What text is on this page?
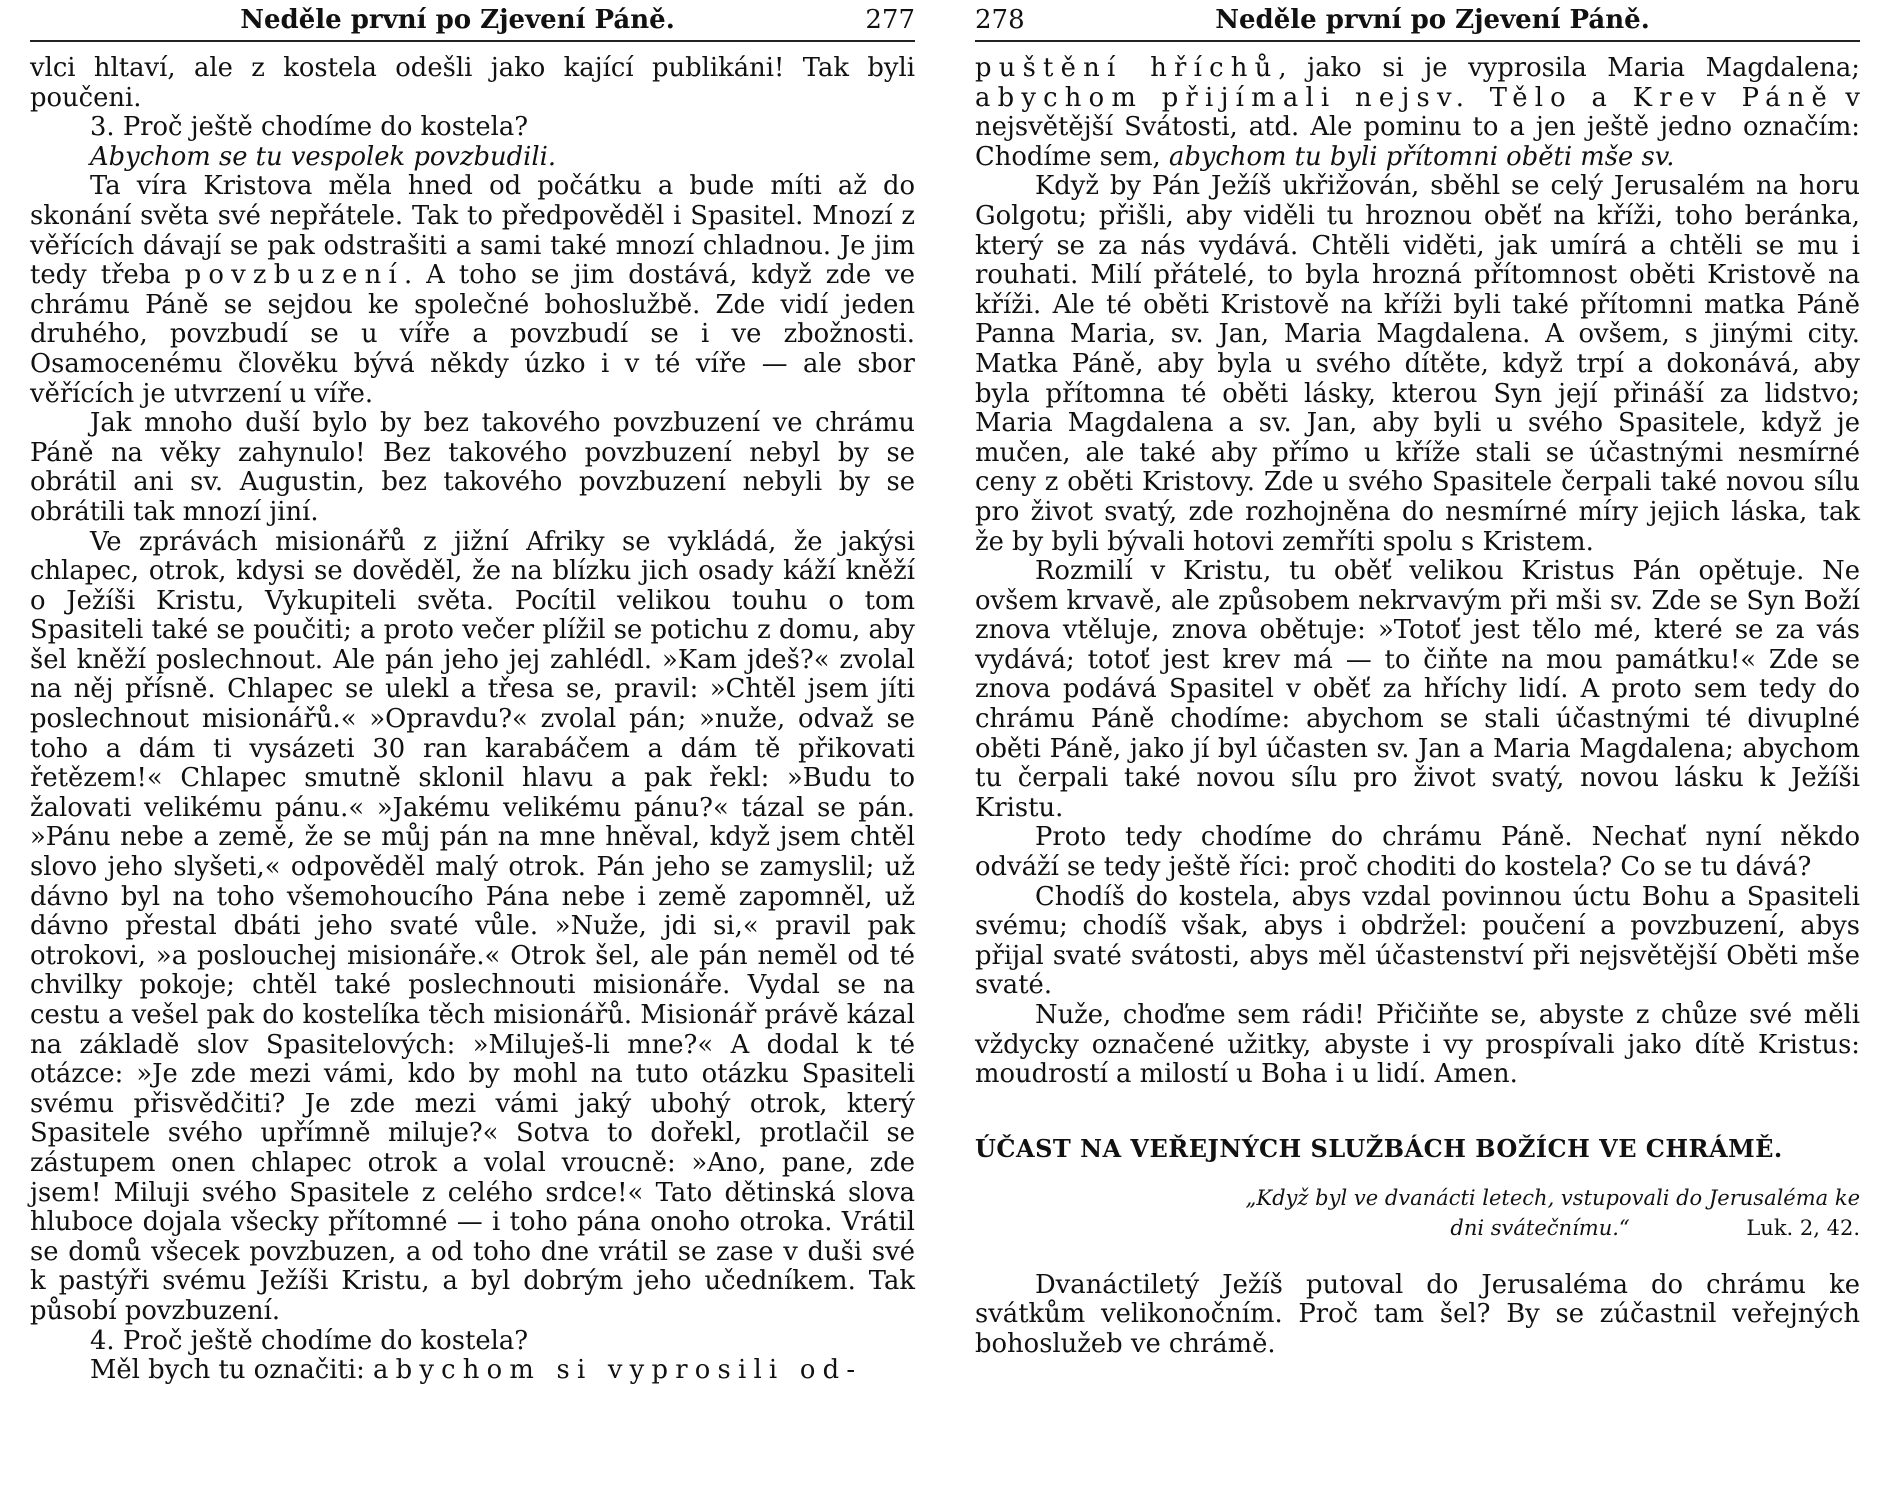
Neděle první po Zjevení Páně.	277

vlci hltaví, ale z kostela odešli jako kající publikáni! Tak byli poučeni.

3. Proč ještě chodíme do kostela?

Abychom se tu vespolek povzbudili.

Ta víra Kristova měla hned od počátku a bude míti až do skonání světa své nepřátele. Tak to předpověděl i Spasitel. Mnozí z věřících dávají se pak odstrašiti a sami také mnozí chladnou. Je jim tedy třeba povzbuzení. A toho se jim dostává, když zde ve chrámu Páně se sejdou ke společné bohoslužbě. Zde vidí jeden druhého, povzbudí se u víře a povzbudí se i ve zbožnosti. Osamocenému člověku bývá někdy úzko i v té víře — ale sbor věřících je utvrzení u víře.

Jak mnoho duší bylo by bez takového povzbuzení ve chrámu Páně na věky zahynulo! Bez takového povzbuzení nebyl by se obrátil ani sv. Augustin, bez takového povzbuzení nebyli by se obrátili tak mnozí jiní.

Ve zprávách misionářů z jižní Afriky se vykládá, že jakýsi chlapec, otrok, kdysi se dověděl, že na blízku jich osady káží kněží o Ježíši Kristu, Vykupiteli světa. Pocítil velikou touhu o tom Spasiteli také se poučiti; a proto večer plížil se potichu z domu, aby šel kněží poslechnout. Ale pán jeho jej zahlédl. »Kam jdeš?« zvolal na něj přísně. Chlapec se ulekl a třesa se, pravil: »Chtěl jsem jíti poslechnout misionářů.« »Opravdu?« zvolal pán; »nuže, odvaž se toho a dám ti vysázeti 30 ran karabáčem a dám tě přikovati řetězem!« Chlapec smutně sklonil hlavu a pak řekl: »Budu to žalovati velikému pánu.« »Jakému velikému pánu?« tázal se pán. »Pánu nebe a země, že se můj pán na mne hněval, když jsem chtěl slovo jeho slyšeti,« odpověděl malý otrok. Pán jeho se zamyslil; už dávno byl na toho všemohoucího Pána nebe i země zapomněl, už dávno přestal dbáti jeho svaté vůle. »Nuže, jdi si,« pravil pak otrokovi, »a poslouchej misionáře.« Otrok šel, ale pán neměl od té chvilky pokoje; chtěl také poslechnouti misionáře. Vydal se na cestu a vešel pak do kostelíka těch misionářů. Misionář právě kázal na základě slov Spasitelových: »Miluješ-li mne?« A dodal k té otázce: »Je zde mezi vámi, kdo by mohl na tuto otázku Spasiteli svému přisvědčiti? Je zde mezi vámi jaký ubohý otrok, který Spasitele svého upřímně miluje?« Sotva to dořekl, protlačil se zástupem onen chlapec otrok a volal vroucně: »Ano, pane, zde jsem! Miluji svého Spasitele z celého srdce!« Tato dětinská slova hluboce dojala všecky přítomné — i toho pána onoho otroka. Vrátil se domů všecek povzbuzen, a od toho dne vrátil se zase v duši své k pastýři svému Ježíši Kristu, a byl dobrým jeho učedníkem. Tak působí povzbuzení.

4. Proč ještě chodíme do kostela?

Měl bych tu označiti: abychom si vyprosili od-

278	Neděle první po Zjevení Páně.

puštění hříchů, jako si je vyprosila Maria Magdalena; abychom přijímali nejsv. Tělo a Krev Páně v nejsvětější Svátosti, atd. Ale pominu to a jen ještě jedno označím: Chodíme sem, abychom tu byli přítomni oběti mše sv.

Když by Pán Ježíš ukřižován, sběhl se celý Jerusalém na horu Golgotu; přišli, aby viděli tu hroznou oběť na kříži, toho beránka, který se za nás vydává. Chtěli viděti, jak umírá a chtěli se mu i rouhati. Milí přátelé, to byla hrozná přítomnost oběti Kristově na kříži. Ale té oběti Kristově na kříži byli také přítomni matka Páně Panna Maria, sv. Jan, Maria Magdalena. A ovšem, s jinými city. Matka Páně, aby byla u svého dítěte, když trpí a dokonává, aby byla přítomna té oběti lásky, kterou Syn její přináší za lidstvo; Maria Magdalena a sv. Jan, aby byli u svého Spasitele, když je mučen, ale také aby přímo u kříže stali se účastnými nesmírné ceny z oběti Kristovy. Zde u svého Spasitele čerpali také novou sílu pro život svatý, zde rozhojněna do nesmírné míry jejich láska, tak že by byli bývali hotovi zemříti spolu s Kristem.

Rozmilí v Kristu, tu oběť velikou Kristus Pán opětuje. Ne ovšem krvavě, ale způsobem nekrvavým při mši sv. Zde se Syn Boží znova vtěluje, znova obětuje: »Totoť jest tělo mé, které se za vás vydává; totoť jest krev má — to čiňte na mou památku!« Zde se znova podává Spasitel v oběť za hříchy lidí. A proto sem tedy do chrámu Páně chodíme: abychom se stali účastnými té divuplné oběti Páně, jako jí byl účasten sv. Jan a Maria Magdalena; abychom tu čerpali také novou sílu pro život svatý, novou lásku k Ježíši Kristu.

Proto tedy chodíme do chrámu Páně. Nechať nyní někdo odváží se tedy ještě říci: proč choditi do kostela? Co se tu dává?

Chodíš do kostela, abys vzdal povinnou úctu Bohu a Spasiteli svému; chodíš však, abys i obdržel: poučení a povzbuzení, abys přijal svaté svátosti, abys měl účastenství při nejsvětější Oběti mše svaté.

Nuže, choďme sem rádi! Přičiňte se, abyste z chůze své měli vždycky označené užitky, abyste i vy prospívali jako dítě Kristus: moudrostí a milostí u Boha i u lidí. Amen.

ÚČAST NA VEŘEJNÝCH SLUŽBÁCH BOŽÍCH VE CHRÁMĚ.
„Když byl ve dvanácti letech, vstupovali do Jerusaléma ke dni svátečnímu.“	Luk. 2, 42.

Dvanáctiletý Ježíš putoval do Jerusaléma do chrámu ke svátkům velikonočním. Proč tam šel? By se zúčastnil veřejných bohoslužeb ve chrámě.
